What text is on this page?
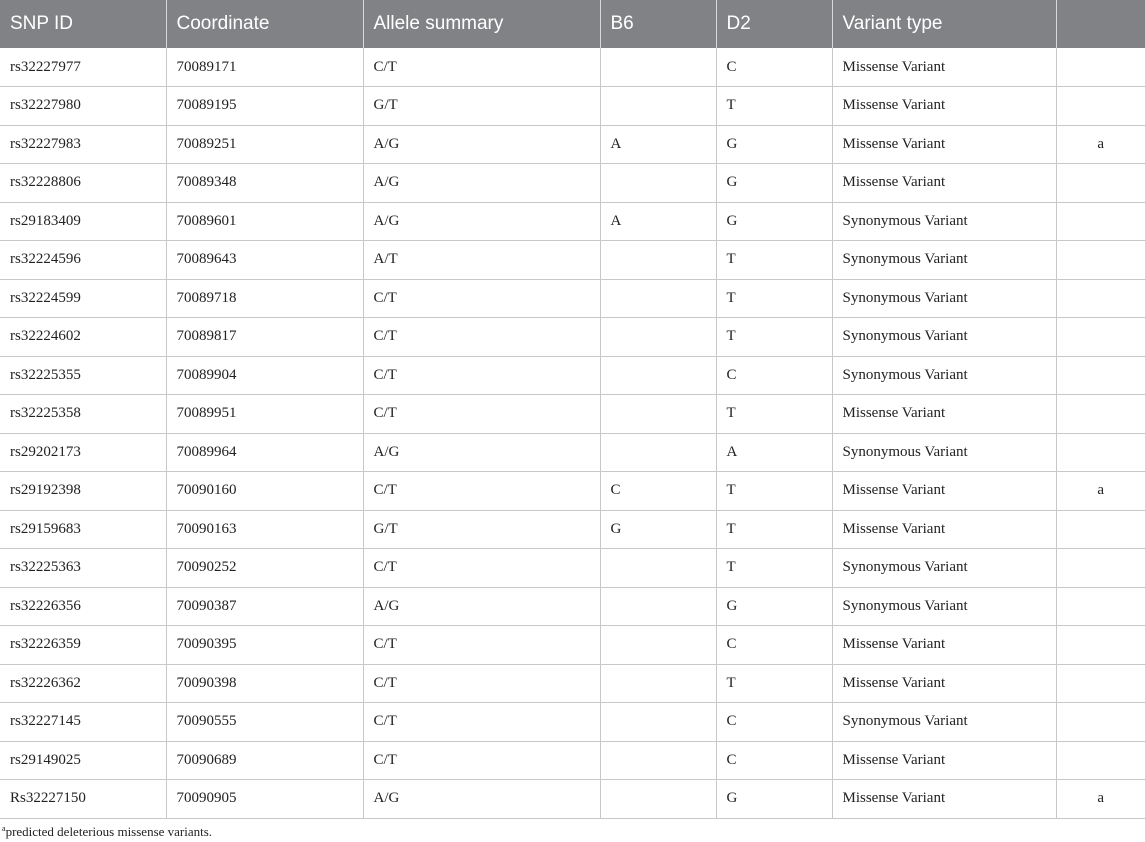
SNP ID	Coordinate	Allele summary	B6	D2	Variant type	
rs32227977	70089171	C/T		C	Missense Variant	
rs32227980	70089195	G/T		T	Missense Variant	
rs32227983	70089251	A/G	A	G	Missense Variant	a
rs32228806	70089348	A/G		G	Missense Variant	
rs29183409	70089601	A/G	A	G	Synonymous Variant	
rs32224596	70089643	A/T		T	Synonymous Variant	
rs32224599	70089718	C/T		T	Synonymous Variant	
rs32224602	70089817	C/T		T	Synonymous Variant	
rs32225355	70089904	C/T		C	Synonymous Variant	
rs32225358	70089951	C/T		T	Missense Variant	
rs29202173	70089964	A/G		A	Synonymous Variant	
rs29192398	70090160	C/T	C	T	Missense Variant	a
rs29159683	70090163	G/T	G	T	Missense Variant	
rs32225363	70090252	C/T		T	Synonymous Variant	
rs32226356	70090387	A/G		G	Synonymous Variant	
rs32226359	70090395	C/T		C	Missense Variant	
rs32226362	70090398	C/T		T	Missense Variant	
rs32227145	70090555	C/T		C	Synonymous Variant	
rs29149025	70090689	C/T		C	Missense Variant	
Rs32227150	70090905	A/G		G	Missense Variant	a
$^a$predicted deleterious missense variants.
